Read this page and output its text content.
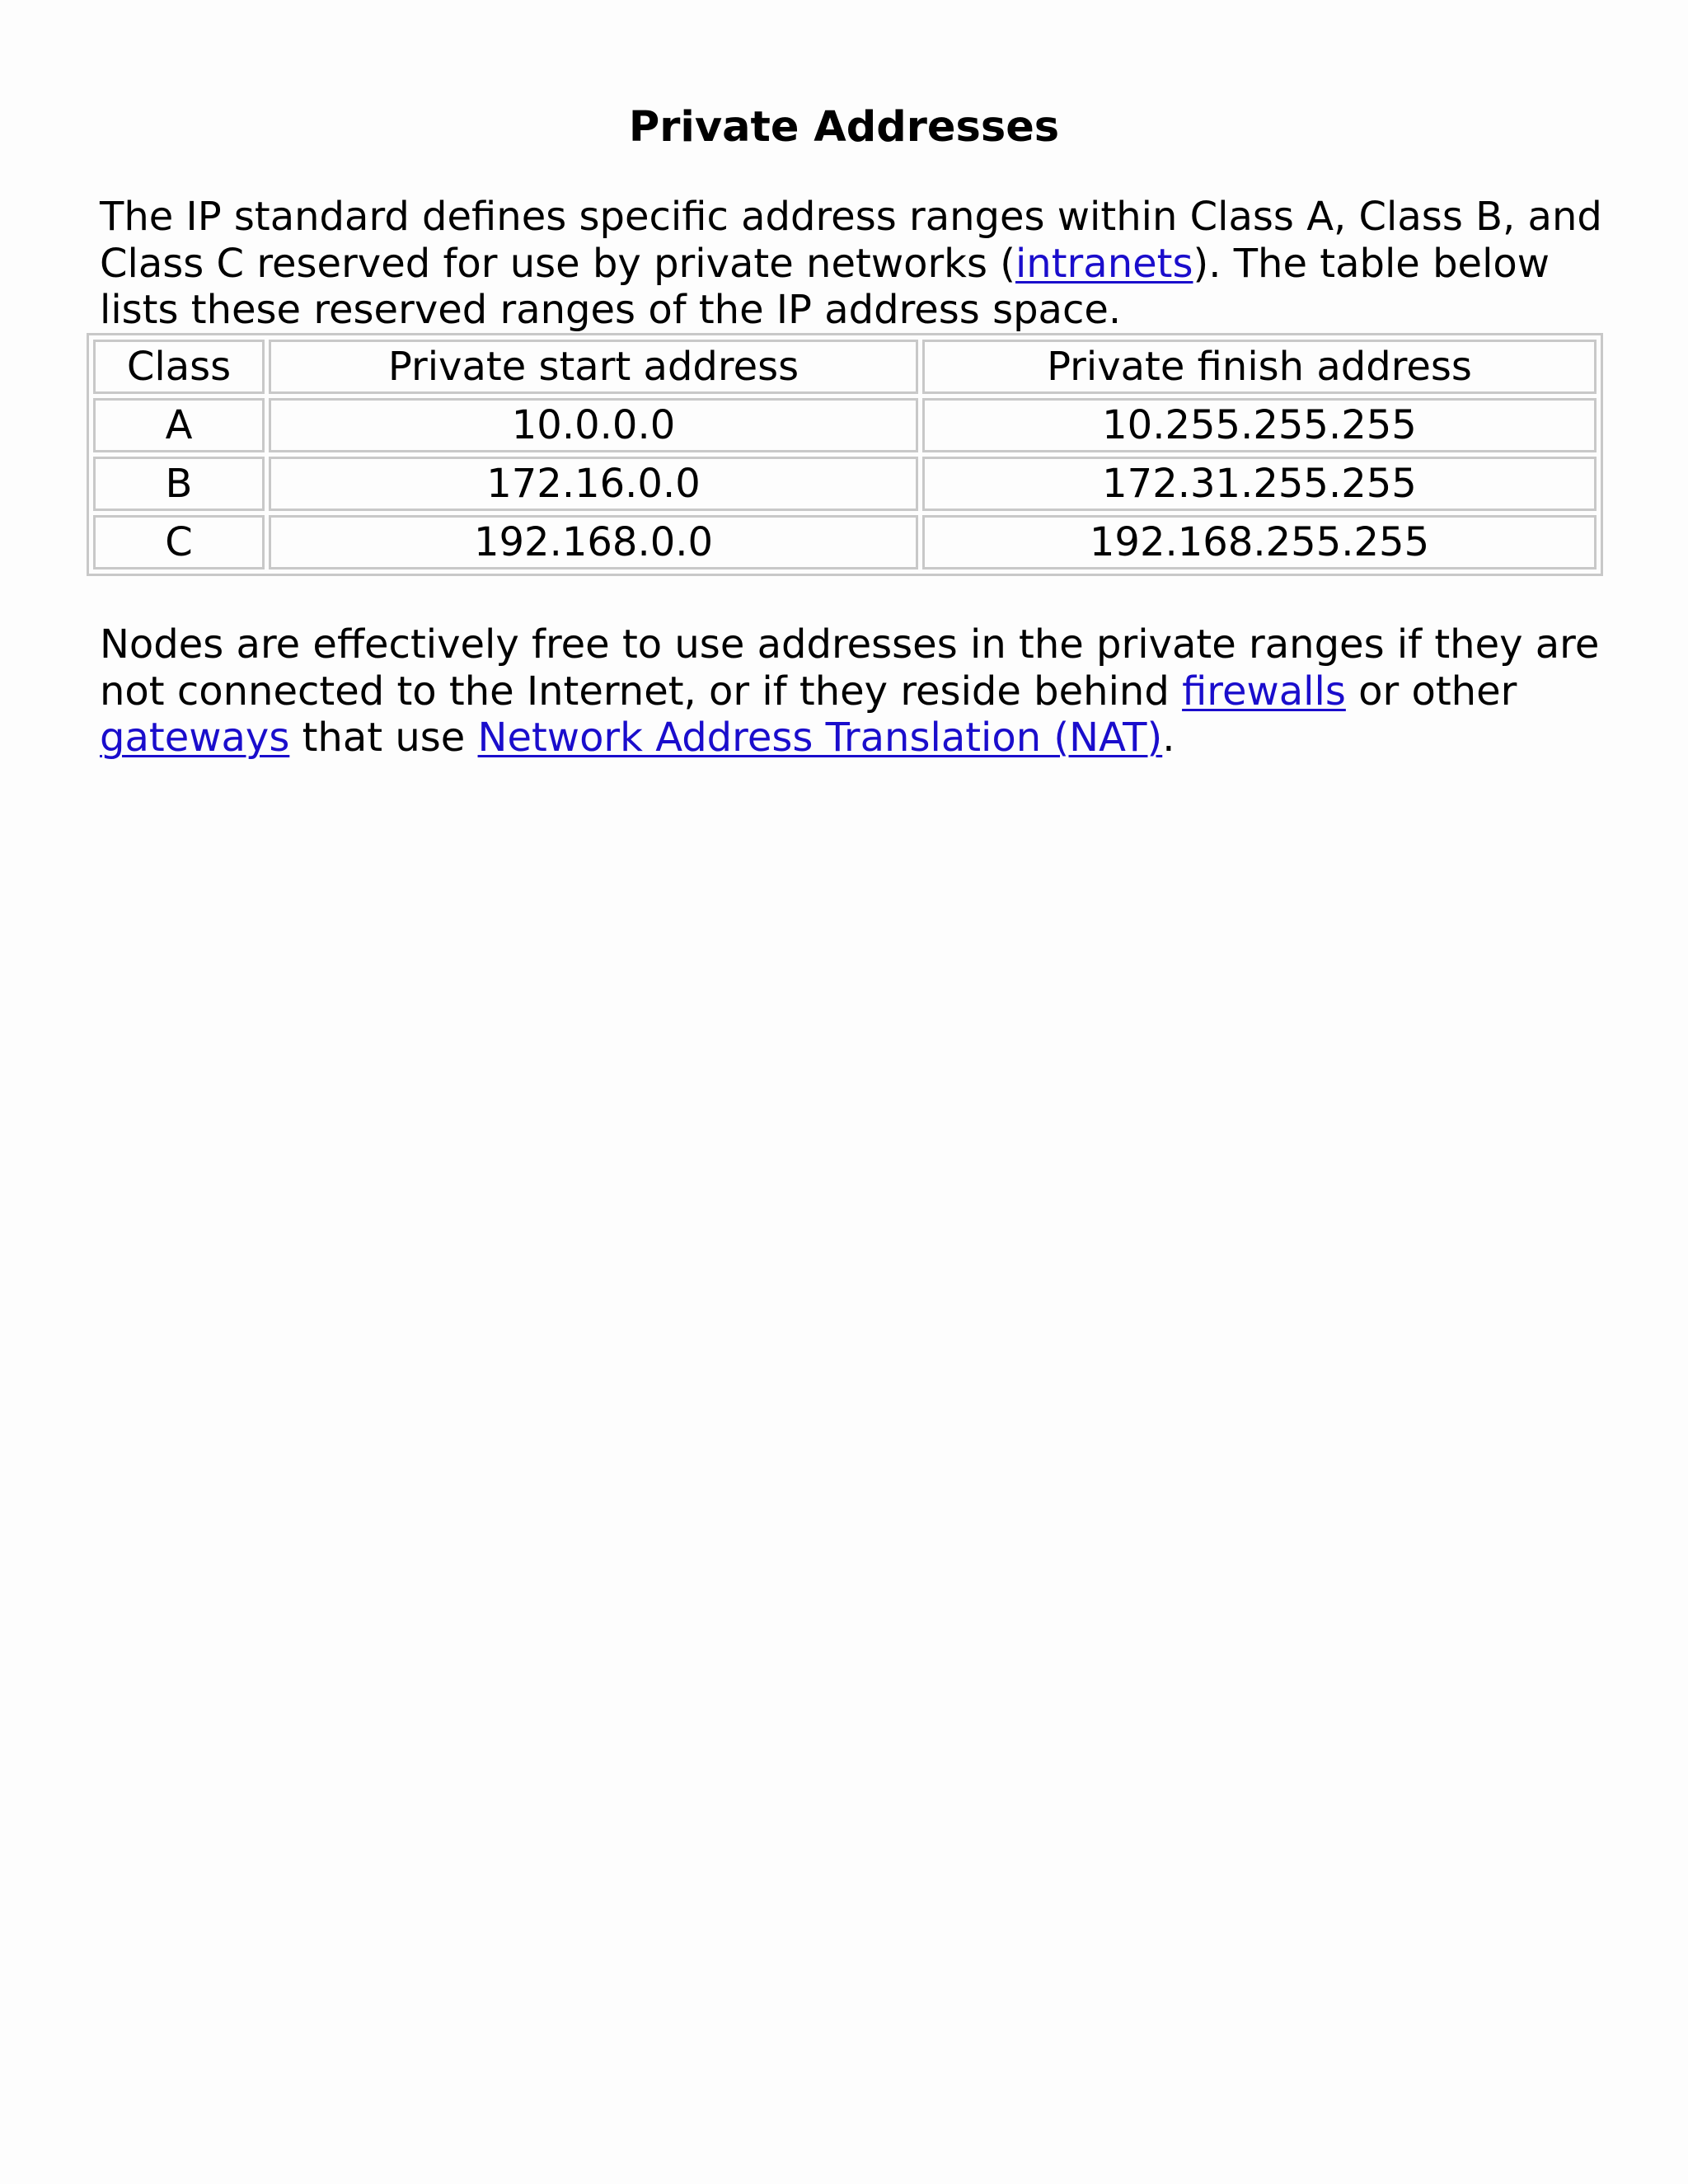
Private Addresses

The IP standard defines specific address ranges within Class A, Class B, and
Class C reserved for use by private networks (intranets). The table below
lists these reserved ranges of the IP address space.

Class	Private start address	Private finish address
A	10.0.0.0	10.255.255.255
B	172.16.0.0	172.31.255.255
C	192.168.0.0	192.168.255.255

Nodes are effectively free to use addresses in the private ranges if they are
not connected to the Internet, or if they reside behind firewalls or other
gateways that use Network Address Translation (NAT).
